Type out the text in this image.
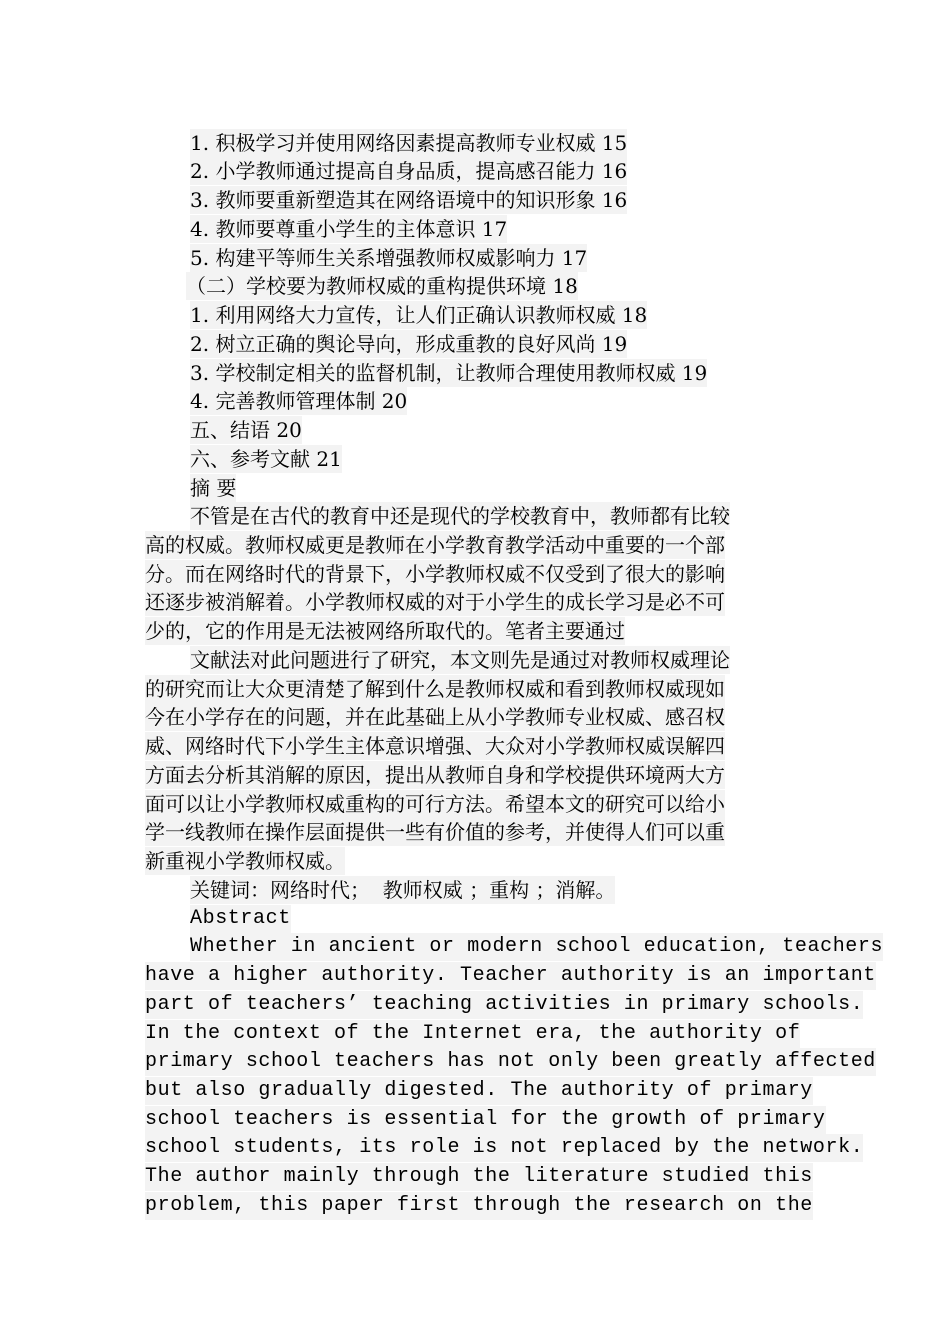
1. 积极学习并使用网络因素提高教师专业权威 15
2. 小学教师通过提高自身品质，提高感召能力 16
3. 教师要重新塑造其在网络语境中的知识形象 16
4. 教师要尊重小学生的主体意识 17
5. 构建平等师生关系增强教师权威影响力 17
（二）学校要为教师权威的重构提供环境 18
1. 利用网络大力宣传，让人们正确认识教师权威 18
2. 树立正确的舆论导向，形成重教的良好风尚 19
3. 学校制定相关的监督机制，让教师合理使用教师权威 19
4. 完善教师管理体制 20
五、结语 20
六、参考文献 21
摘 要
不管是在古代的教育中还是现代的学校教育中，教师都有比较
高的权威。教师权威更是教师在小学教育教学活动中重要的一个部
分。而在网络时代的背景下，小学教师权威不仅受到了很大的影响
还逐步被消解着。小学教师权威的对于小学生的成长学习是必不可
少的，它的作用是无法被网络所取代的。笔者主要通过
文献法对此问题进行了研究，本文则先是通过对教师权威理论
的研究而让大众更清楚了解到什么是教师权威和看到教师权威现如
今在小学存在的问题，并在此基础上从小学教师专业权威、感召权
威、网络时代下小学生主体意识增强、大众对小学教师权威误解四
方面去分析其消解的原因，提出从教师自身和学校提供环境两大方
面可以让小学教师权威重构的可行方法。希望本文的研究可以给小
学一线教师在操作层面提供一些有价值的参考，并使得人们可以重
新重视小学教师权威。
关键词：网络时代；  教师权威 ；重构 ；消解。
Abstract
Whether in ancient or modern school education, teachers
have a higher authority. Teacher authority is an important
part of teachers’ teaching activities in primary schools.
In the context of the Internet era, the authority of
primary school teachers has not only been greatly affected
but also gradually digested. The authority of primary
school teachers is essential for the growth of primary
school students, its role is not replaced by the network.
The author mainly through the literature studied this
problem, this paper first through the research on the
